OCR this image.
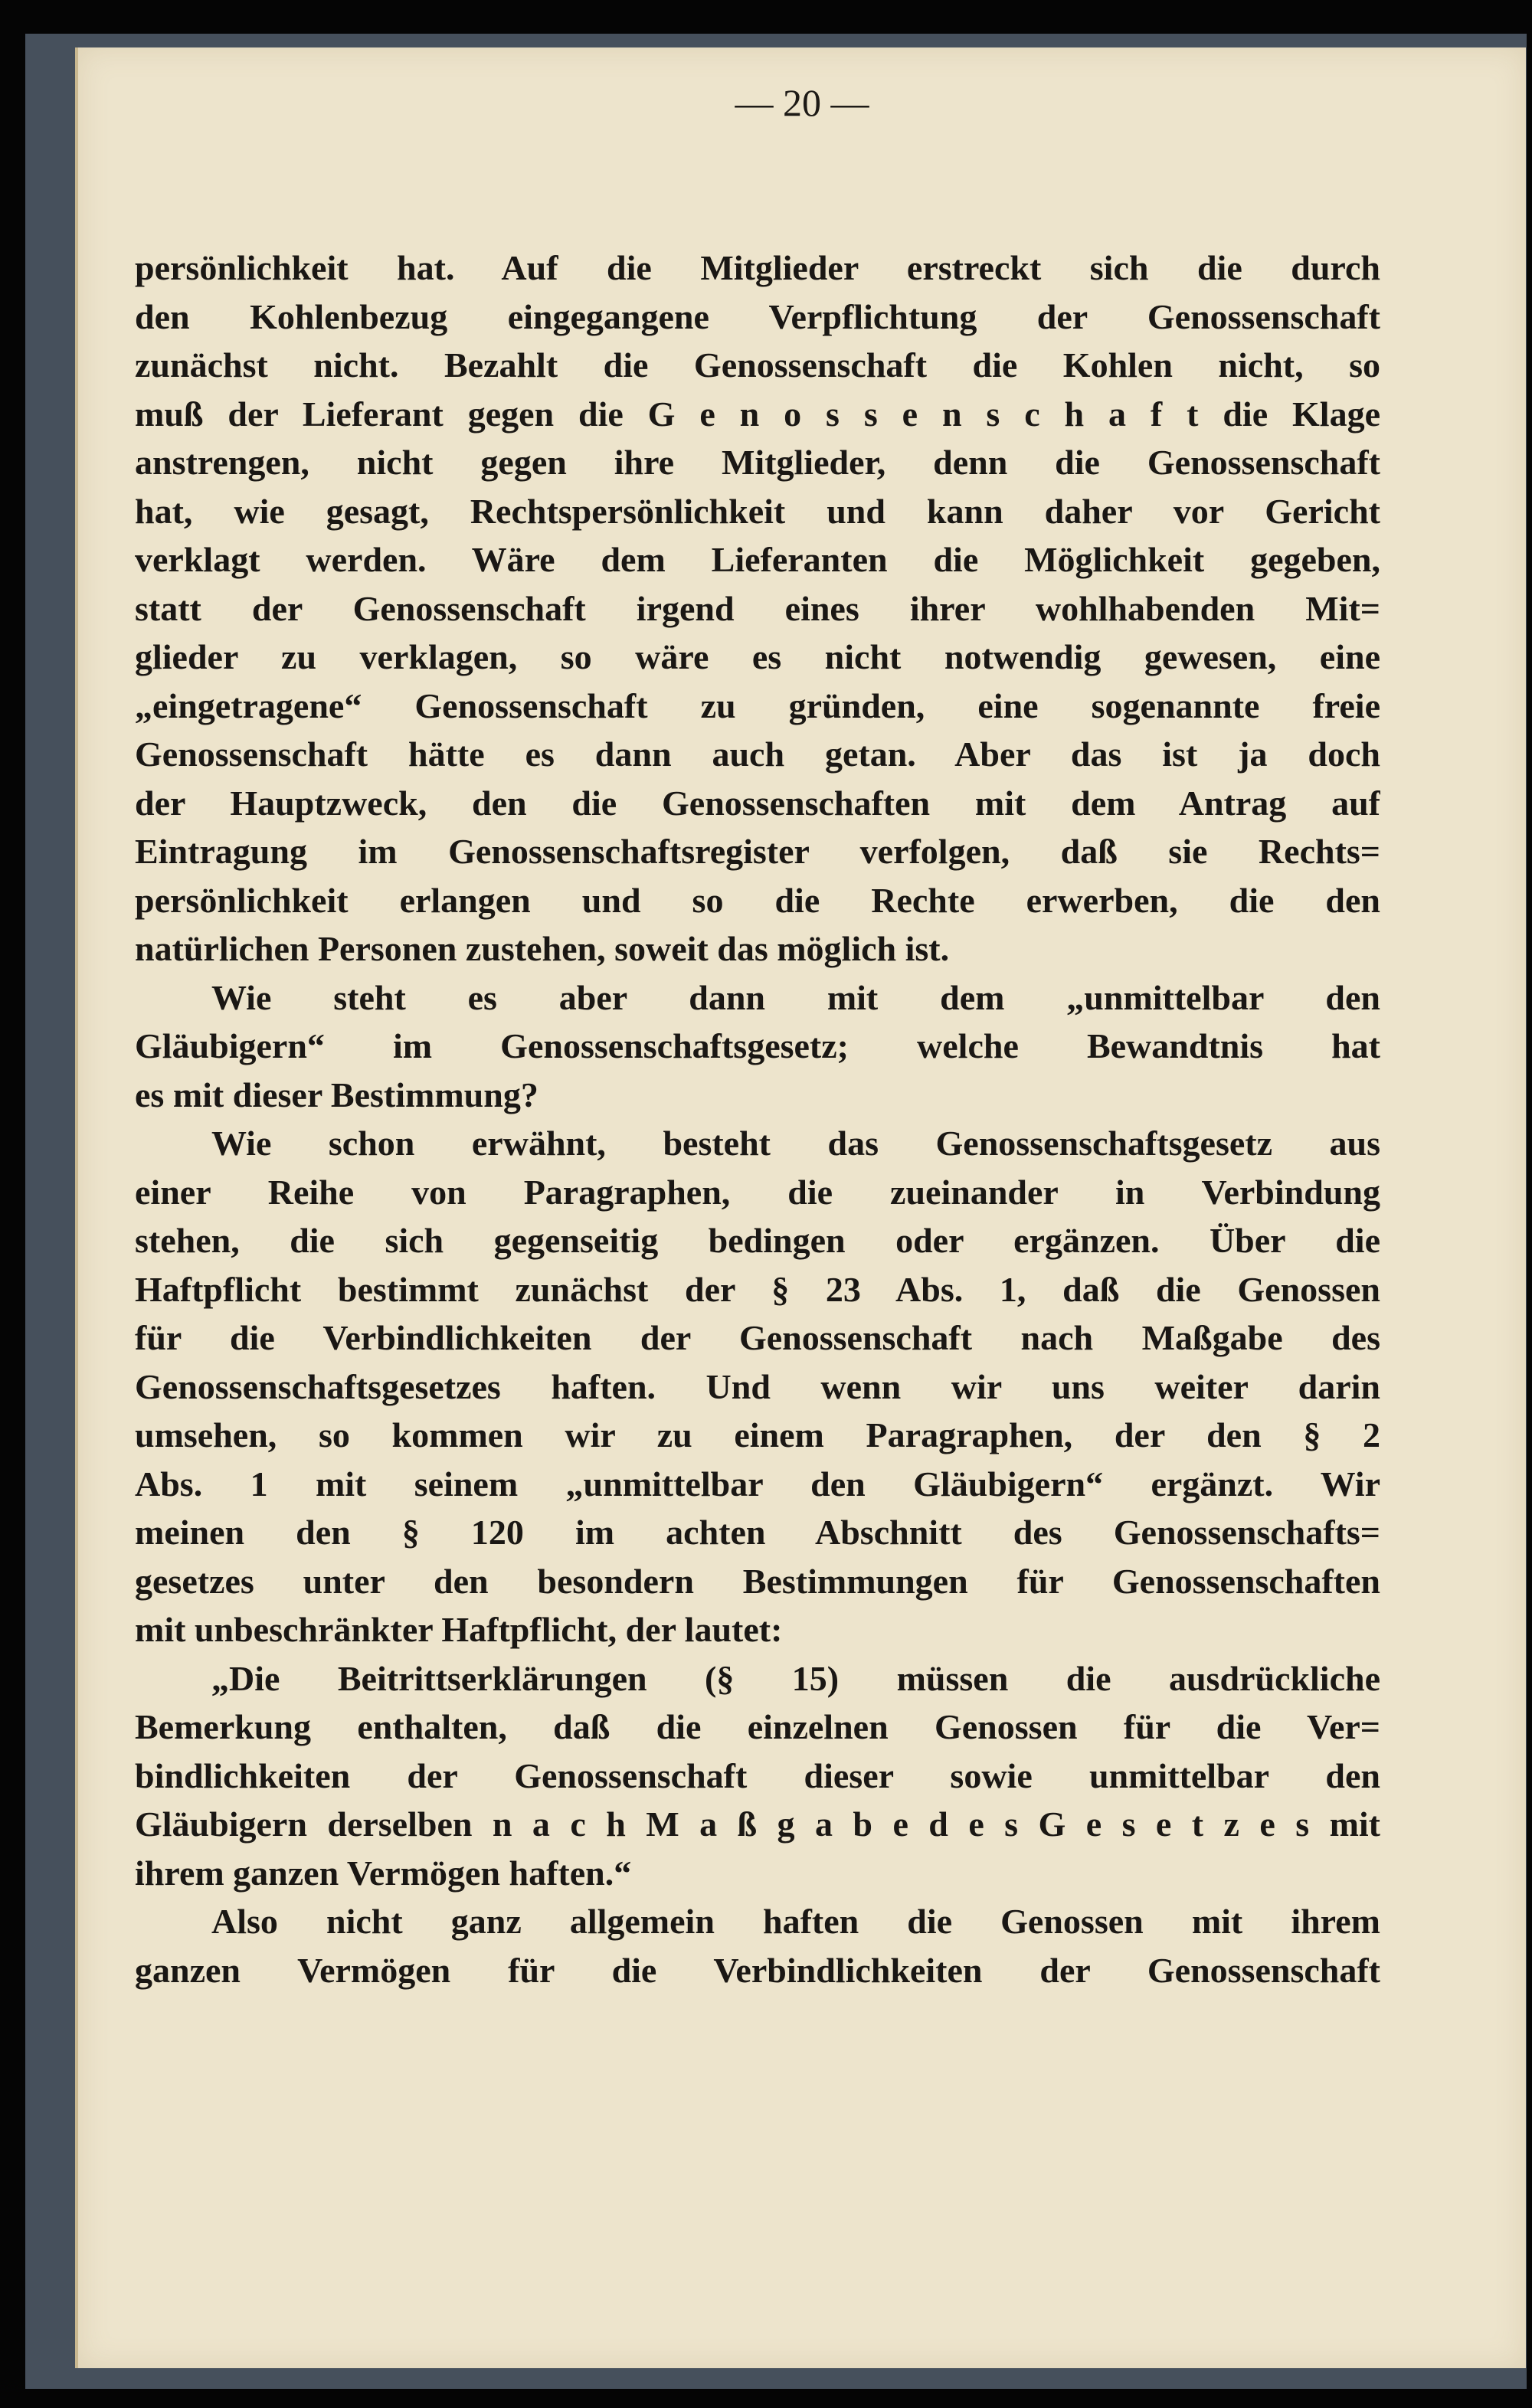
— 20 —
persönlichkeit hat. Auf die Mitglieder erstreckt sich die durch
den Kohlenbezug eingegangene Verpflichtung der Genossenschaft
zunächst nicht. Bezahlt die Genossenschaft die Kohlen nicht, so
muß der Lieferant gegen die G e n o s s e n s c h a f t die Klage
anstrengen, nicht gegen ihre Mitglieder, denn die Genossenschaft
hat, wie gesagt, Rechtspersönlichkeit und kann daher vor Gericht
verklagt werden. Wäre dem Lieferanten die Möglichkeit gegeben,
statt der Genossenschaft irgend eines ihrer wohlhabenden Mit=
glieder zu verklagen, so wäre es nicht notwendig gewesen, eine
„eingetragene“ Genossenschaft zu gründen, eine sogenannte freie
Genossenschaft hätte es dann auch getan. Aber das ist ja doch
der Hauptzweck, den die Genossenschaften mit dem Antrag auf
Eintragung im Genossenschaftsregister verfolgen, daß sie Rechts=
persönlichkeit erlangen und so die Rechte erwerben, die den
natürlichen Personen zustehen, soweit das möglich ist.
Wie steht es aber dann mit dem „unmittelbar den
Gläubigern“ im Genossenschaftsgesetz; welche Bewandtnis hat
es mit dieser Bestimmung?
Wie schon erwähnt, besteht das Genossenschaftsgesetz aus
einer Reihe von Paragraphen, die zueinander in Verbindung
stehen, die sich gegenseitig bedingen oder ergänzen. Über die
Haftpflicht bestimmt zunächst der § 23 Abs. 1, daß die Genossen
für die Verbindlichkeiten der Genossenschaft nach Maßgabe des
Genossenschaftsgesetzes haften. Und wenn wir uns weiter darin
umsehen, so kommen wir zu einem Paragraphen, der den § 2
Abs. 1 mit seinem „unmittelbar den Gläubigern“ ergänzt. Wir
meinen den § 120 im achten Abschnitt des Genossenschafts=
gesetzes unter den besondern Bestimmungen für Genossenschaften
mit unbeschränkter Haftpflicht, der lautet:
„Die Beitrittserklärungen (§ 15) müssen die ausdrückliche
Bemerkung enthalten, daß die einzelnen Genossen für die Ver=
bindlichkeiten der Genossenschaft dieser sowie unmittelbar den
Gläubigern derselben n a c h M a ß g a b e d e s G e s e t z e s mit
ihrem ganzen Vermögen haften.“
Also nicht ganz allgemein haften die Genossen mit ihrem
ganzen Vermögen für die Verbindlichkeiten der Genossenschaft
